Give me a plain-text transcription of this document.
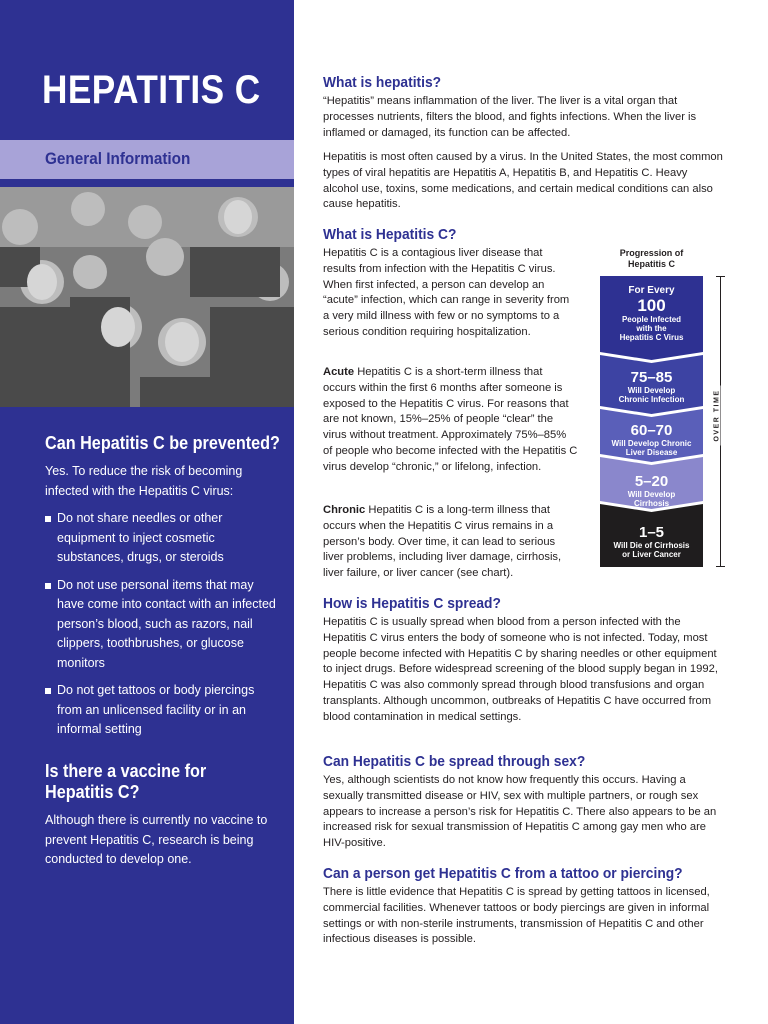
HEPATITIS C
General Information
Can Hepatitis C be prevented?

Yes. To reduce the risk of becoming infected with the Hepatitis C virus:

Do not share needles or other equipment to inject cosmetic substances, drugs, or steroids
Do not use personal items that may have come into contact with an infected person’s blood, such as razors, nail clippers, toothbrushes, or glucose monitors
Do not get tattoos or body piercings from an unlicensed facility or in an informal setting
Is there a vaccine for
Hepatitis C?

Although there is currently no vaccine to prevent Hepatitis C, research is being conducted to develop one.

What is hepatitis?

“Hepatitis” means inflammation of the liver. The liver is a vital organ that processes nutrients, filters the blood, and fights infections. When the liver is inflamed or damaged, its function can be affected.

Hepatitis is most often caused by a virus. In the United States, the most common types of viral hepatitis are Hepatitis A, Hepatitis B, and Hepatitis C. Heavy alcohol use, toxins, some medications, and certain medical conditions can also cause hepatitis.

What is Hepatitis C?

Hepatitis C is a contagious liver disease that results from infection with the Hepatitis C virus. When first infected, a person can develop an “acute” infection, which can range in severity from a very mild illness with few or no symptoms to a serious condition requiring hospitalization.

Acute Hepatitis C is a short-term illness that occurs within the first 6 months after someone is exposed to the Hepatitis C virus. For reasons that are not known, 15%–25% of people “clear” the virus without treatment. Approximately 75%–85% of people who become infected with the Hepatitis C virus develop “chronic,” or lifelong, infection.

Chronic Hepatitis C is a long-term illness that occurs when the Hepatitis C virus remains in a person’s body. Over time, it can lead to serious liver problems, including liver damage, cirrhosis, liver failure, or liver cancer (see chart).

How is Hepatitis C spread?

Hepatitis C is usually spread when blood from a person infected with the Hepatitis C virus enters the body of someone who is not infected. Today, most people become infected with Hepatitis C by sharing needles or other equipment to inject drugs. Before widespread screening of the blood supply began in 1992, Hepatitis C was also commonly spread through blood transfusions and organ transplants. Although uncommon, outbreaks of Hepatitis C have occurred from blood contamination in medical settings.

Can Hepatitis C be spread through sex?

Yes, although scientists do not know how frequently this occurs. Having a sexually transmitted disease or HIV, sex with multiple partners, or rough sex appears to increase a person’s risk for Hepatitis C. There also appears to be an increased risk for sexual transmission of Hepatitis C among gay men who are HIV-positive.

Can a person get Hepatitis C from a tattoo or piercing?

There is little evidence that Hepatitis C is spread by getting tattoos in licensed, commercial facilities. Whenever tattoos or body piercings are given in informal settings or with non-sterile instruments, transmission of Hepatitis C and other infectious diseases is possible.

Progression of
Hepatitis C
For Every
100
People Infected
with the
Hepatitis C Virus
75–85
Will Develop
Chronic Infection
60–70
Will Develop Chronic
Liver Disease
5–20
Will Develop
Cirrhosis
1–5
Will Die of Cirrhosis
or Liver Cancer
OVER TIME
